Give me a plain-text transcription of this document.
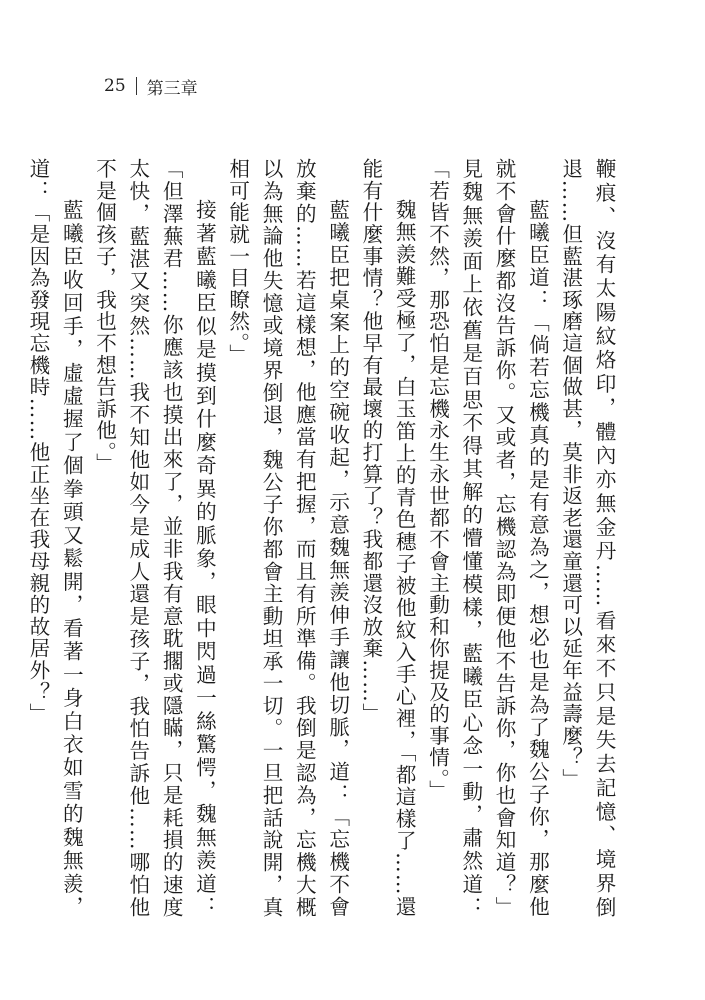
25 第三章

鞭痕、沒有太陽紋烙印，體內亦無金丹……看來不只是失去記憶、境界倒退……但藍湛琢磨這個做甚，莫非返老還童還可以延年益壽麼？」

藍曦臣道：「倘若忘機真的是有意為之，想必也是為了魏公子你，那麼他就不會什麼都沒告訴你。又或者，忘機認為即便他不告訴你，你也會知道？」見魏無羨面上依舊是百思不得其解的懵懂模樣，藍曦臣心念一動，肅然道：「若皆不然，那恐怕是忘機永生永世都不會主動和你提及的事情。」

魏無羨難受極了，白玉笛上的青色穗子被他紋入手心裡，「都這樣了……還能有什麼事情？他早有最壞的打算了？我都還沒放棄……」

藍曦臣把桌案上的空碗收起，示意魏無羨伸手讓他切脈，道：「忘機不會放棄的……若這樣想，他應當有把握，而且有所準備。我倒是認為，忘機大概以為無論他失憶或境界倒退，魏公子你都會主動坦承一切。一旦把話說開，真相可能就一目瞭然。」

接著藍曦臣似是摸到什麼奇異的脈象，眼中閃過一絲驚愕，魏無羨道：「但澤蕪君……你應該也摸出來了，並非我有意耽擱或隱瞞，只是耗損的速度太快，藍湛又突然……我不知他如今是成人還是孩子，我怕告訴他……哪怕他不是個孩子，我也不想告訴他。」

藍曦臣收回手，虛虛握了個拳頭又鬆開，看著一身白衣如雪的魏無羨，道：「是因為發現忘機時……他正坐在我母親的故居外？」
